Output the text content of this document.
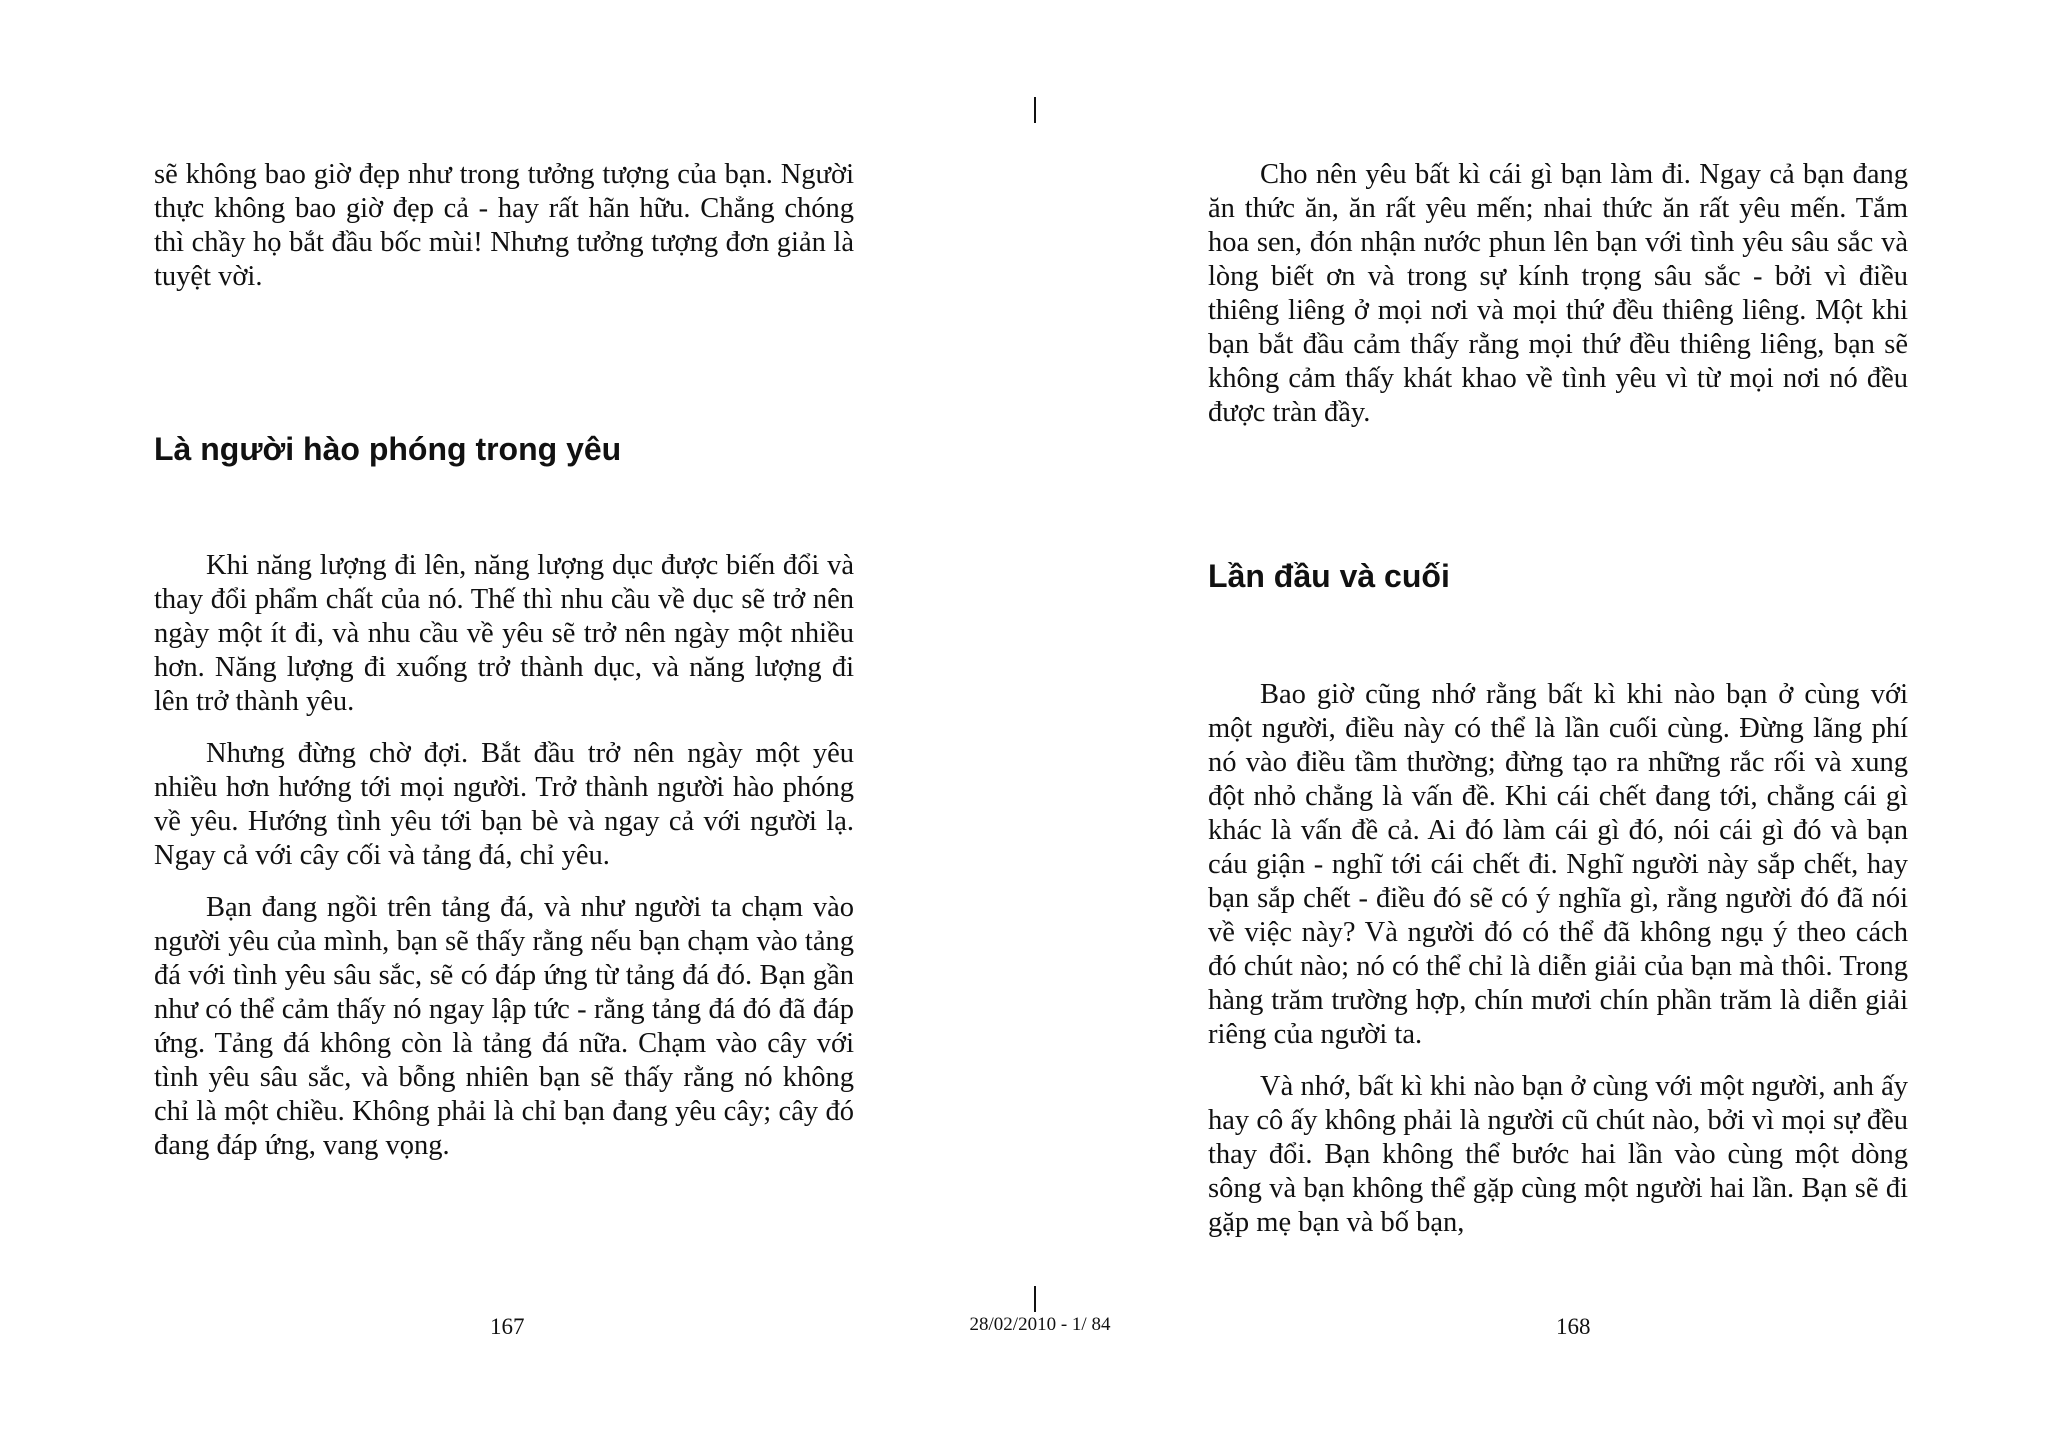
sẽ không bao giờ đẹp như trong tưởng tượng của bạn. Người thực không bao giờ đẹp cả - hay rất hãn hữu. Chẳng chóng thì chầy họ bắt đầu bốc mùi! Nhưng tưởng tượng đơn giản là tuyệt vời.

Là người hào phóng trong yêu

Khi năng lượng đi lên, năng lượng dục được biến đổi và thay đổi phẩm chất của nó. Thế thì nhu cầu về dục sẽ trở nên ngày một ít đi, và nhu cầu về yêu sẽ trở nên ngày một nhiều hơn. Năng lượng đi xuống trở thành dục, và năng lượng đi lên trở thành yêu.

Nhưng đừng chờ đợi. Bắt đầu trở nên ngày một yêu nhiều hơn hướng tới mọi người. Trở thành người hào phóng về yêu. Hướng tình yêu tới bạn bè và ngay cả với người lạ. Ngay cả với cây cối và tảng đá, chỉ yêu.

Bạn đang ngồi trên tảng đá, và như người ta chạm vào người yêu của mình, bạn sẽ thấy rằng nếu bạn chạm vào tảng đá với tình yêu sâu sắc, sẽ có đáp ứng từ tảng đá đó. Bạn gần như có thể cảm thấy nó ngay lập tức - rằng tảng đá đó đã đáp ứng. Tảng đá không còn là tảng đá nữa. Chạm vào cây với tình yêu sâu sắc, và bỗng nhiên bạn sẽ thấy rằng nó không chỉ là một chiều. Không phải là chỉ bạn đang yêu cây; cây đó đang đáp ứng, vang vọng.

Cho nên yêu bất kì cái gì bạn làm đi. Ngay cả bạn đang ăn thức ăn, ăn rất yêu mến; nhai thức ăn rất yêu mến. Tắm hoa sen, đón nhận nước phun lên bạn với tình yêu sâu sắc và lòng biết ơn và trong sự kính trọng sâu sắc - bởi vì điều thiêng liêng ở mọi nơi và mọi thứ đều thiêng liêng. Một khi bạn bắt đầu cảm thấy rằng mọi thứ đều thiêng liêng, bạn sẽ không cảm thấy khát khao về tình yêu vì từ mọi nơi nó đều được tràn đầy.

Lần đầu và cuối

Bao giờ cũng nhớ rằng bất kì khi nào bạn ở cùng với một người, điều này có thể là lần cuối cùng. Đừng lãng phí nó vào điều tầm thường; đừng tạo ra những rắc rối và xung đột nhỏ chẳng là vấn đề. Khi cái chết đang tới, chẳng cái gì khác là vấn đề cả. Ai đó làm cái gì đó, nói cái gì đó và bạn cáu giận - nghĩ tới cái chết đi. Nghĩ người này sắp chết, hay bạn sắp chết - điều đó sẽ có ý nghĩa gì, rằng người đó đã nói về việc này? Và người đó có thể đã không ngụ ý theo cách đó chút nào; nó có thể chỉ là diễn giải của bạn mà thôi. Trong hàng trăm trường hợp, chín mươi chín phần trăm là diễn giải riêng của người ta.

Và nhớ, bất kì khi nào bạn ở cùng với một người, anh ấy hay cô ấy không phải là người cũ chút nào, bởi vì mọi sự đều thay đổi. Bạn không thể bước hai lần vào cùng một dòng sông và bạn không thể gặp cùng một người hai lần. Bạn sẽ đi gặp mẹ bạn và bố bạn,

167	28/02/2010 - 1/ 84	168
